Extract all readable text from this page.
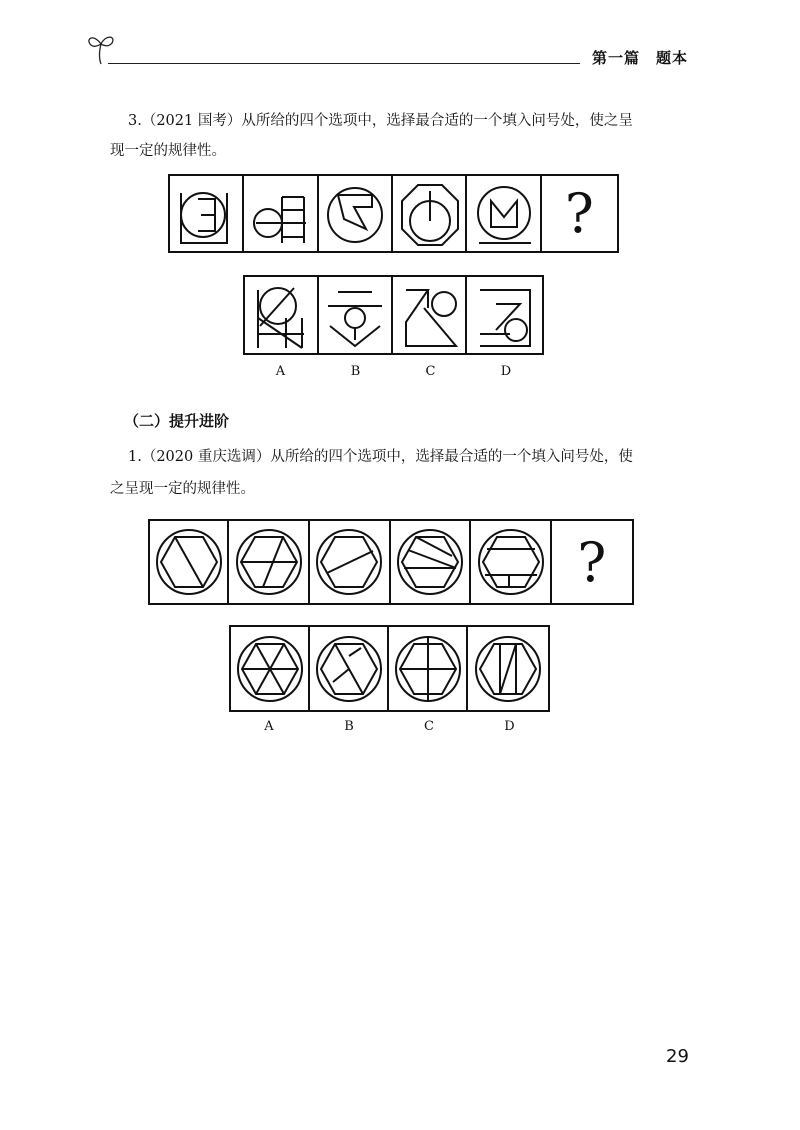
第一篇　题本
3.（2021 国考）从所给的四个选项中，选择最合适的一个填入问号处，使之呈
现一定的规律性。
?
A	B	C	D
（二）提升进阶
1.（2020 重庆选调）从所给的四个选项中，选择最合适的一个填入问号处，使
之呈现一定的规律性。
?
A	B	C	D
29
